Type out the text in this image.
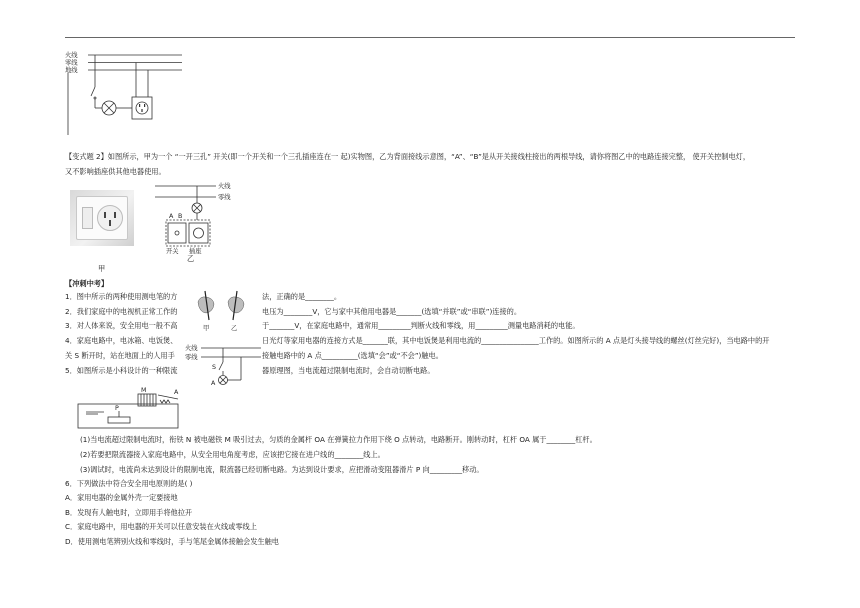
火线
零线
地线
【变式题 2】如图所示，甲为一个 “一开三孔” 开关(即一个开关和一个三孔插座连在一 起)实物图，乙为背面接线示意图，“A”、“B”是从开关接线柱接出的两根导线，请你将图乙中的电路连接完整， 使开关控制电灯，
又不影响插座供其他电器使用。
甲
火线
零线
A B
开关 插座
乙
【冲刺中考】
1．图中所示的两种使用测电笔的方	法，正确的是________。
2．我们家庭中的电视机正常工作的	电压为________V，它与家中其他用电器是_______(选填“并联”或“串联”)连接的。
3．对人体来说，安全用电一般不高	于_______V，在家庭电路中，通常用_________判断火线和零线，用_________测量电路消耗的电能。
4．家庭电路中，电冰箱、电饭煲、	日光灯等家用电器的连接方式是_______联，其中电饭煲是利用电流的________________工作的。如图所示的 A 点是灯头接导线的螺丝(灯丝完好)，当电路中的开
关 S 断开时，站在地面上的人用手	接触电路中的 A 点__________(选填“会”或“不会”)触电。
5．如图所示是小科设计的一种限流	器原理图，当电流超过限制电流时，会自动切断电路。
甲	乙
火线
零线
S
A
M	A
P
(1)当电流超过限制电流时，衔铁 N 被电磁铁 M 吸引过去，匀质的金属杆 OA 在弹簧拉力作用下绕 O 点转动，电路断开。刚转动时，杠杆 OA 属于________杠杆。
(2)若要把限流器接入家庭电路中，从安全用电角度考虑，应该把它接在进户线的________线上。
(3)调试时，电流尚未达到设计的限制电流，限流器已经切断电路。为达到设计要求，应把滑动变阻器滑片 P 向_________移动。
6．下列做法中符合安全用电原则的是( )
A．家用电器的金属外壳一定要接地
B．发现有人触电时，立即用手将他拉开
C．家庭电路中，用电器的开关可以任意安装在火线或零线上
D．使用测电笔辨别火线和零线时，手与笔尾金属体接触会发生触电
